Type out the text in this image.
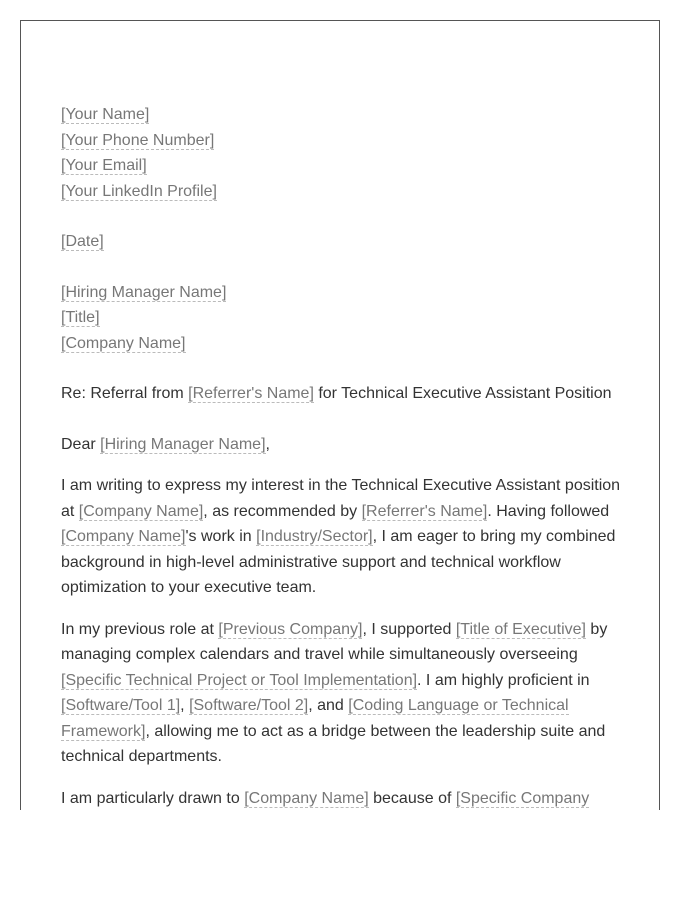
[Your Name]
[Your Phone Number]
[Your Email]
[Your LinkedIn Profile]
[Date]
[Hiring Manager Name]
[Title]
[Company Name]
Re: Referral from [Referrer's Name] for Technical Executive Assistant Position
Dear [Hiring Manager Name],
I am writing to express my interest in the Technical Executive Assistant position at [Company Name], as recommended by [Referrer's Name]. Having followed [Company Name]'s work in [Industry/Sector], I am eager to bring my combined background in high-level administrative support and technical workflow optimization to your executive team.
In my previous role at [Previous Company], I supported [Title of Executive] by managing complex calendars and travel while simultaneously overseeing [Specific Technical Project or Tool Implementation]. I am highly proficient in [Software/Tool 1], [Software/Tool 2], and [Coding Language or Technical Framework], allowing me to act as a bridge between the leadership suite and technical departments.
I am particularly drawn to [Company Name] because of [Specific Company
